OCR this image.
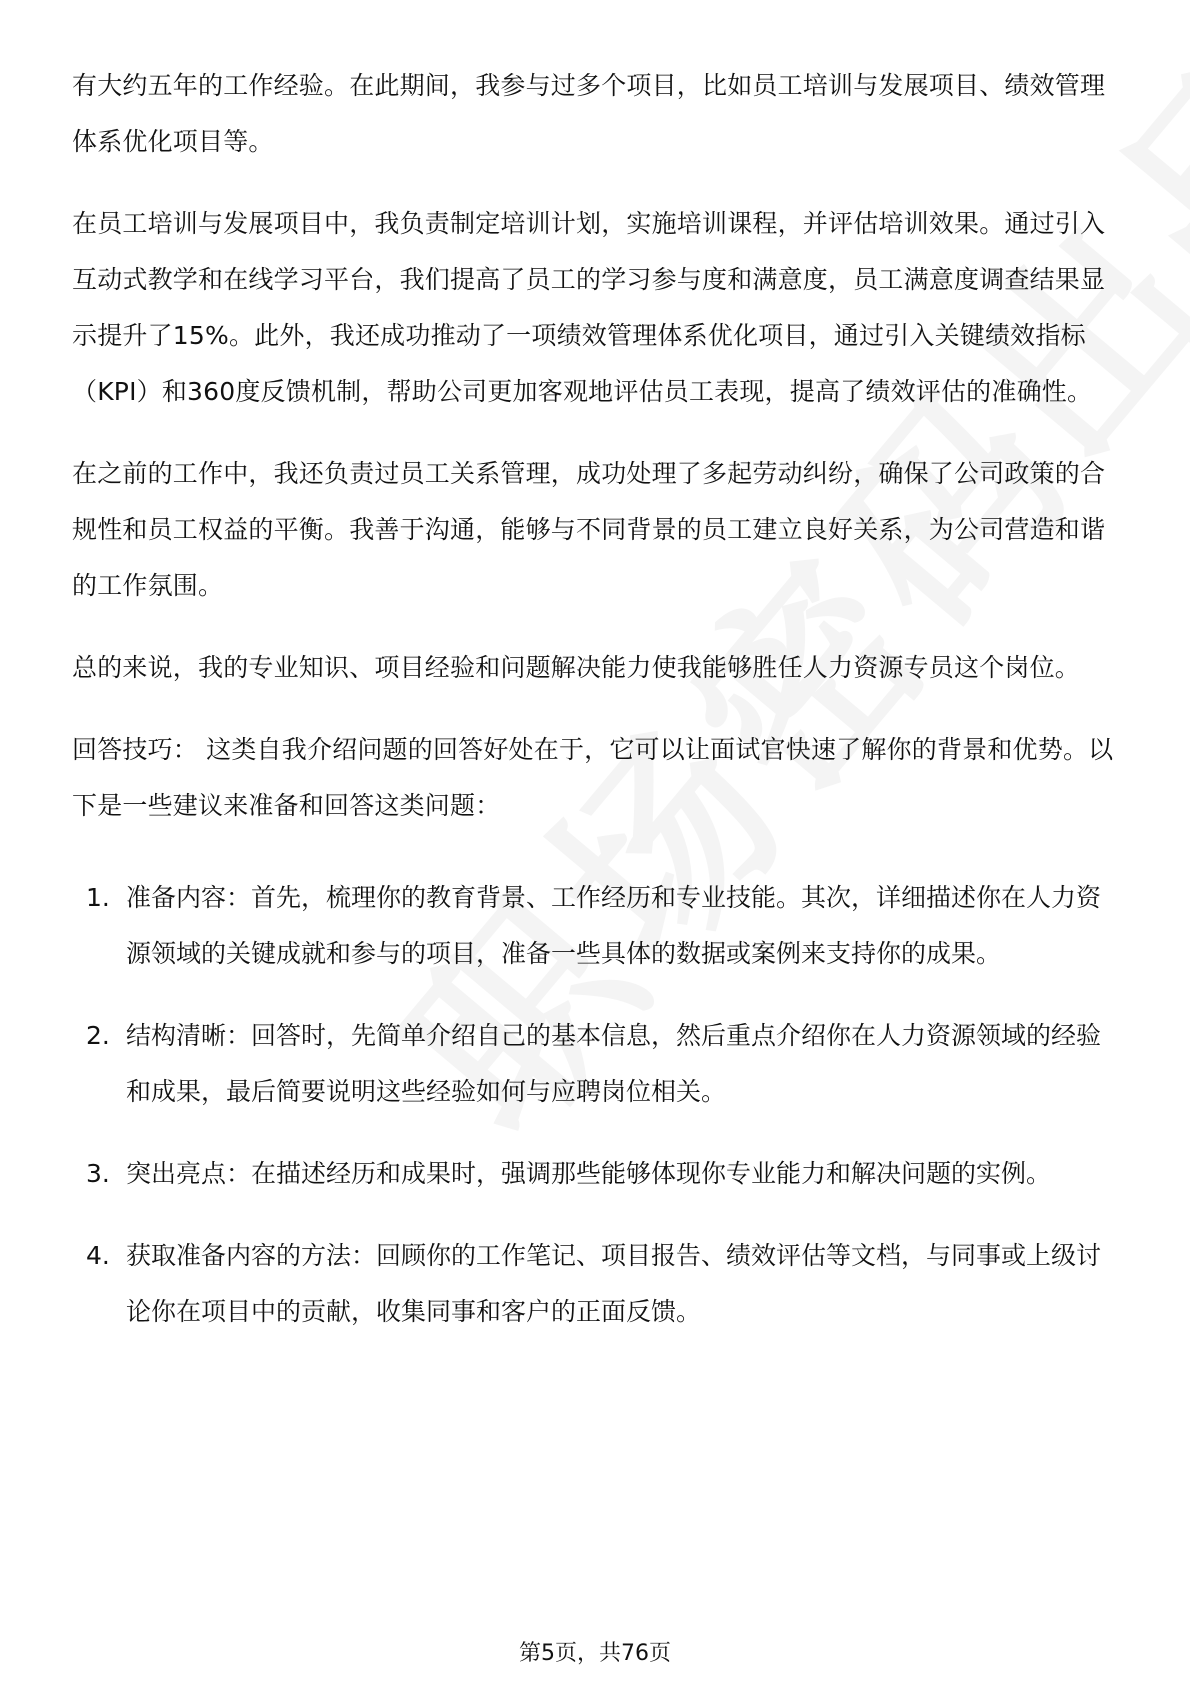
有大约五年的工作经验。在此期间，我参与过多个项目，比如员工培训与发展项目、绩效管理体系优化项目等。

在员工培训与发展项目中，我负责制定培训计划，实施培训课程，并评估培训效果。通过引入互动式教学和在线学习平台，我们提高了员工的学习参与度和满意度，员工满意度调查结果显示提升了15%。此外，我还成功推动了一项绩效管理体系优化项目，通过引入关键绩效指标（KPI）和360度反馈机制，帮助公司更加客观地评估员工表现，提高了绩效评估的准确性。

在之前的工作中，我还负责过员工关系管理，成功处理了多起劳动纠纷，确保了公司政策的合规性和员工权益的平衡。我善于沟通，能够与不同背景的员工建立良好关系，为公司营造和谐的工作氛围。

总的来说，我的专业知识、项目经验和问题解决能力使我能够胜任人力资源专员这个岗位。

回答技巧： 这类自我介绍问题的回答好处在于，它可以让面试官快速了解你的背景和优势。以下是一些建议来准备和回答这类问题：

1. 准备内容：首先，梳理你的教育背景、工作经历和专业技能。其次，详细描述你在人力资源领域的关键成就和参与的项目，准备一些具体的数据或案例来支持你的成果。
2. 结构清晰：回答时，先简单介绍自己的基本信息，然后重点介绍你在人力资源领域的经验和成果，最后简要说明这些经验如何与应聘岗位相关。
3. 突出亮点：在描述经历和成果时，强调那些能够体现你专业能力和解决问题的实例。
4. 获取准备内容的方法：回顾你的工作笔记、项目报告、绩效评估等文档，与同事或上级讨论你在项目中的贡献，收集同事和客户的正面反馈。
第5页，共76页
